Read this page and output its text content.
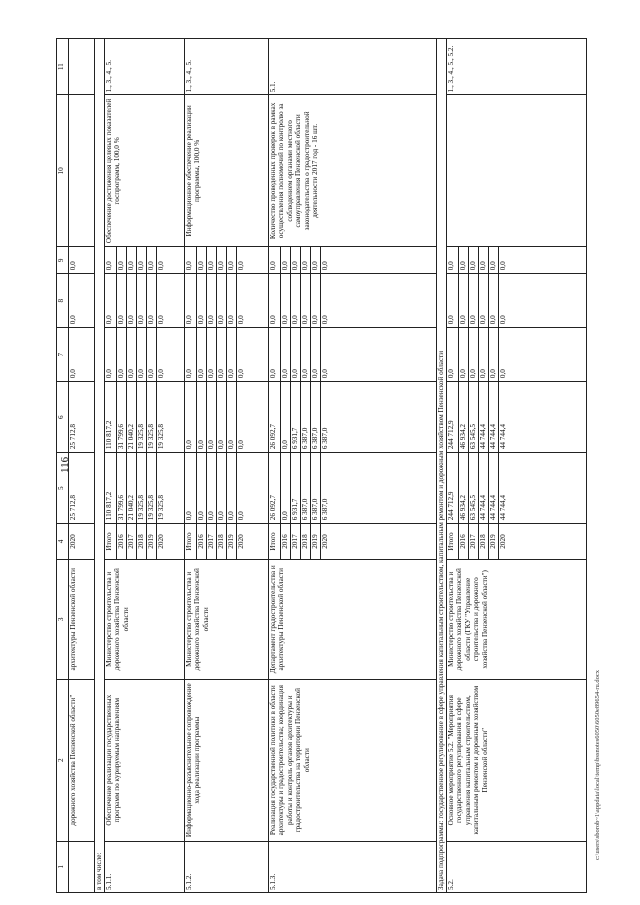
1	2	3	4	5	6	7	8	9	10	11
	дорожного хозяйства Пензенской области"	архитектуры Пензенской области	2020	25 712,8	25 712,8	0,0	0,0	0,0		
в том числе:										
5.1.1.	Обеспечение реализации государственных программ по курируемым направлениям	Министерство строительства и дорожного хозяйства Пензенской области	Итого	110 817,2	110 817,2	0,0	0,0	0,0	Обеспечение достижения целевых показателей госпрограмм, 100,0 %	1., 3., 4., 5.
			2016	31 799,6	31 799,6	0,0	0,0	0,0		
			2017	21 040,2	21 040,2	0,0	0,0	0,0		
			2018	19 325,8	19 325,8	0,0	0,0	0,0		
			2019	19 325,8	19 325,8	0,0	0,0	0,0		
			2020	19 325,8	19 325,8	0,0	0,0	0,0		
5.1.2.	Информационно-разъяснительное сопровождение хода реализации программы	Министерство строительства и дорожного хозяйства Пензенской области	Итого	0,0	0,0	0,0	0,0	0,0	Информационное обеспечение реализации программы, 100,0 %	1., 3., 4., 5.
			2016	0,0	0,0	0,0	0,0	0,0		
			2017	0,0	0,0	0,0	0,0	0,0		
			2018	0,0	0,0	0,0	0,0	0,0		
			2019	0,0	0,0	0,0	0,0	0,0		
			2020	0,0	0,0	0,0	0,0	0,0		
5.1.3.	Реализация государственной политики в области архитектуры и градостроительства; координация работы и контроль органов архитектуры и градостроительства на территории Пензенской области	Департамент градостроительства и архитектуры Пензенской области	Итого	26 092,7	26 092,7	0,0	0,0	0,0	Количество проведенных проверок в рамках осуществления полномочий по контролю за соблюдением органами местного самоуправления Пензенской области законодательства о градостроительной деятельности 2017 год - 16 шт.	5.1.
			2016	0,0	0,0	0,0	0,0	0,0		
			2017	6 931,7	6 931,7	0,0	0,0	0,0		
			2018	6 387,0	6 387,0	0,0	0,0	0,0		
			2019	6 387,0	6 387,0	0,0	0,0	0,0		
			2020	6 387,0	6 387,0	0,0	0,0	0,0		
Задача подпрограммы: государственное регулирование в сфере управления капитальным строительством, капитальным ремонтом и дорожным хозяйством Пензенской области										
5.2.	Основное мероприятие 5.2. "Мероприятия государственного регулирования в сфере управления капитальным строительством, капитальным ремонтом и дорожным хозяйством Пензенской области"	Министерство строительства и дорожного хозяйства Пензенской области (ГКУ "Управление строительства и дорожного хозяйства Пензенской области")	Итого	244 712,9	244 712,9	0,0	0,0	0,0		1., 3., 4., 5., 5.2.
			2016	46 934,2	46 934,2	0,0	0,0	0,0		
			2017	63 545,5	63 545,5	0,0	0,0	0,0		
			2018	44 744,4	44 744,4	0,0	0,0	0,0		
			2019	44 744,4	44 744,4	0,0	0,0	0,0		
			2020	44 744,4	44 744,4	0,0	0,0	0,0		
116
c:\users\sborob~1\appdata\local\temp\bssnotes6050\6050e89654-ru.docx
